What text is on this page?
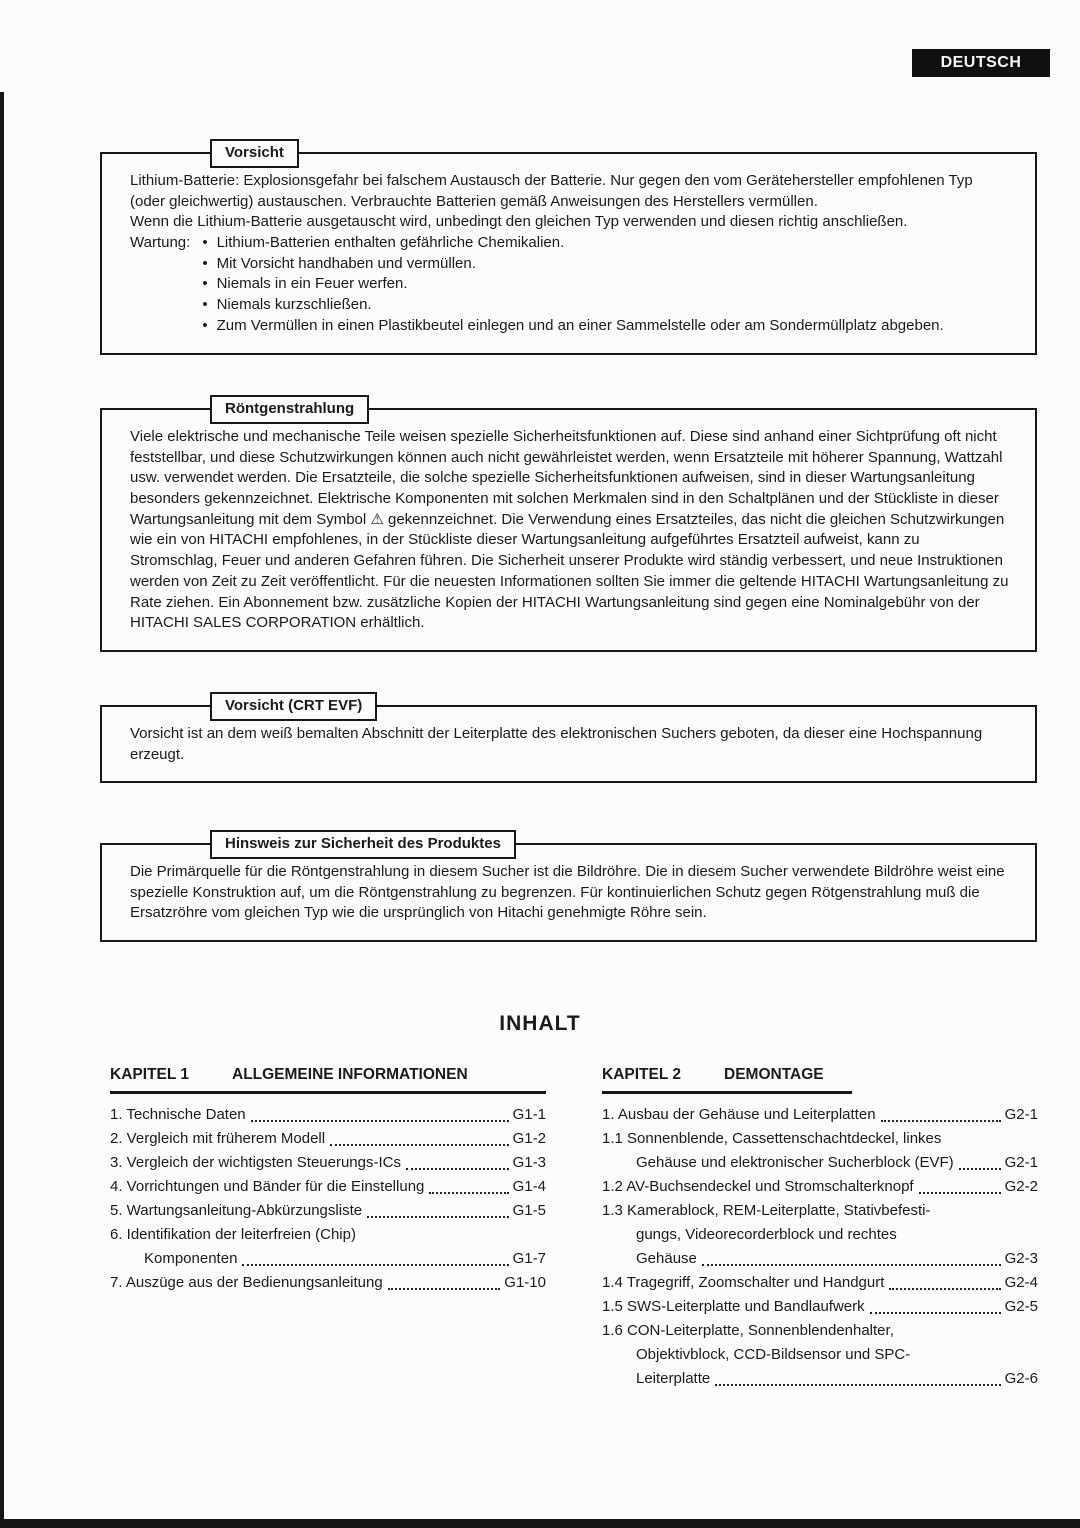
DEUTSCH
Vorsicht

Lithium-Batterie: Explosionsgefahr bei falschem Austausch der Batterie. Nur gegen den vom Gerätehersteller empfohlenen Typ (oder gleichwertig) austauschen. Verbrauchte Batterien gemäß Anweisungen des Herstellers vermüllen.

Wenn die Lithium-Batterie ausgetauscht wird, unbedingt den gleichen Typ verwenden und diesen richtig anschließen.

Wartung:	• Lithium-Batterien enthalten gefährliche Chemikalien.
• Mit Vorsicht handhaben und vermüllen.
• Niemals in ein Feuer werfen.
• Niemals kurzschließen.
• Zum Vermüllen in einen Plastikbeutel einlegen und an einer Sammelstelle oder am Sondermüllplatz abgeben.
Röntgenstrahlung

Viele elektrische und mechanische Teile weisen spezielle Sicherheitsfunktionen auf. Diese sind anhand einer Sichtprüfung oft nicht feststellbar, und diese Schutzwirkungen können auch nicht gewährleistet werden, wenn Ersatzteile mit höherer Spannung, Wattzahl usw. verwendet werden. Die Ersatzteile, die solche spezielle Sicherheitsfunktionen aufweisen, sind in dieser Wartungsanleitung besonders gekennzeichnet. Elektrische Komponenten mit solchen Merkmalen sind in den Schaltplänen und der Stückliste in dieser Wartungsanleitung mit dem Symbol ⚠ gekennzeichnet. Die Verwendung eines Ersatzteiles, das nicht die gleichen Schutzwirkungen wie ein von HITACHI empfohlenes, in der Stückliste dieser Wartungsanleitung aufgeführtes Ersatzteil aufweist, kann zu Stromschlag, Feuer und anderen Gefahren führen. Die Sicherheit unserer Produkte wird ständig verbessert, und neue Instruktionen werden von Zeit zu Zeit veröffentlicht. Für die neuesten Informationen sollten Sie immer die geltende HITACHI Wartungsanleitung zu Rate ziehen. Ein Abonnement bzw. zusätzliche Kopien der HITACHI Wartungsanleitung sind gegen eine Nominalgebühr von der HITACHI SALES CORPORATION erhältlich.

Vorsicht (CRT EVF)

Vorsicht ist an dem weiß bemalten Abschnitt der Leiterplatte des elektronischen Suchers geboten, da dieser eine Hochspannung erzeugt.

Hinsweis zur Sicherheit des Produktes

Die Primärquelle für die Röntgenstrahlung in diesem Sucher ist die Bildröhre. Die in diesem Sucher verwendete Bildröhre weist eine spezielle Konstruktion auf, um die Röntgenstrahlung zu begrenzen. Für kontinuierlichen Schutz gegen Rötgenstrahlung muß die Ersatzröhre vom gleichen Typ wie die ursprünglich von Hitachi genehmigte Röhre sein.

INHALT
KAPITEL 1	ALLGEMEINE INFORMATIONEN
1. Technische Daten	G1-1
2. Vergleich mit früherem Modell	G1-2
3. Vergleich der wichtigsten Steuerungs-ICs	G1-3
4. Vorrichtungen und Bänder für die Einstellung	G1-4
5. Wartungsanleitung-Abkürzungsliste	G1-5
6. Identifikation der leiterfreien (Chip)
Komponenten	G1-7
7. Auszüge aus der Bedienungsanleitung	G1-10
KAPITEL 2	DEMONTAGE
1. Ausbau der Gehäuse und Leiterplatten	G2-1
1.1 Sonnenblende, Cassettenschachtdeckel, linkes
Gehäuse und elektronischer Sucherblock (EVF)	G2-1
1.2 AV-Buchsendeckel und Stromschalterknopf	G2-2
1.3 Kamerablock, REM-Leiterplatte, Stativbefesti-
gungs, Videorecorderblock und rechtes
Gehäuse	G2-3
1.4 Tragegriff, Zoomschalter und Handgurt	G2-4
1.5 SWS-Leiterplatte und Bandlaufwerk	G2-5
1.6 CON-Leiterplatte, Sonnenblendenhalter,
Objektivblock, CCD-Bildsensor und SPC-
Leiterplatte	G2-6
